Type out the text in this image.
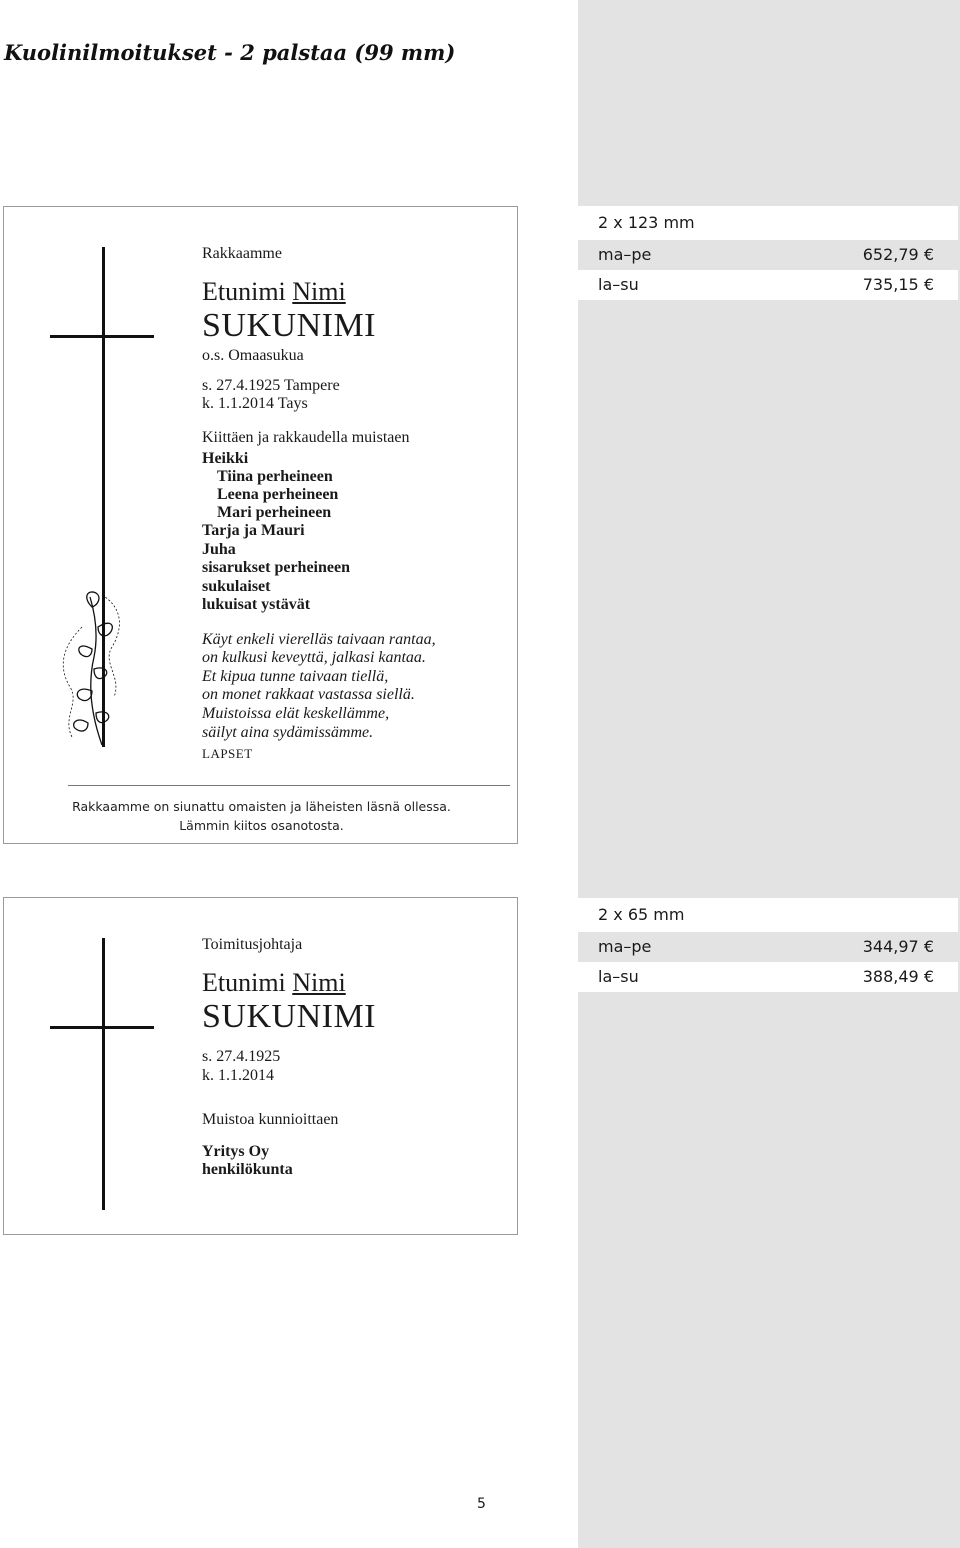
Kuolinilmoitukset - 2 palstaa (99 mm)
Rakkaamme
Etunimi Nimi
SUKUNIMI
o.s. Omaasukua
s. 27.4.1925 Tampere
k. 1.1.2014 Tays
Kiittäen ja rakkaudella muistaen
Heikki
Tiina perheineen
Leena perheineen
Mari perheineen
Tarja ja Mauri
Juha
sisarukset perheineen
sukulaiset
lukuisat ystävät
Käyt enkeli vierelläs taivaan rantaa,
on kulkusi keveyttä, jalkasi kantaa.
Et kipua tunne taivaan tiellä,
on monet rakkaat vastassa siellä.
Muistoissa elät keskellämme,
säilyt aina sydämissämme.
LAPSET
Rakkaamme on siunattu omaisten ja läheisten läsnä ollessa.
Lämmin kiitos osanotosta.
Toimitusjohtaja
Etunimi Nimi
SUKUNIMI
s. 27.4.1925
k. 1.1.2014
Muistoa kunnioittaen
Yritys Oy
henkilökunta
2 x 123 mm
ma–pe	652,79 €
la–su	735,15 €
2 x 65 mm
ma–pe	344,97 €
la–su	388,49 €
5
